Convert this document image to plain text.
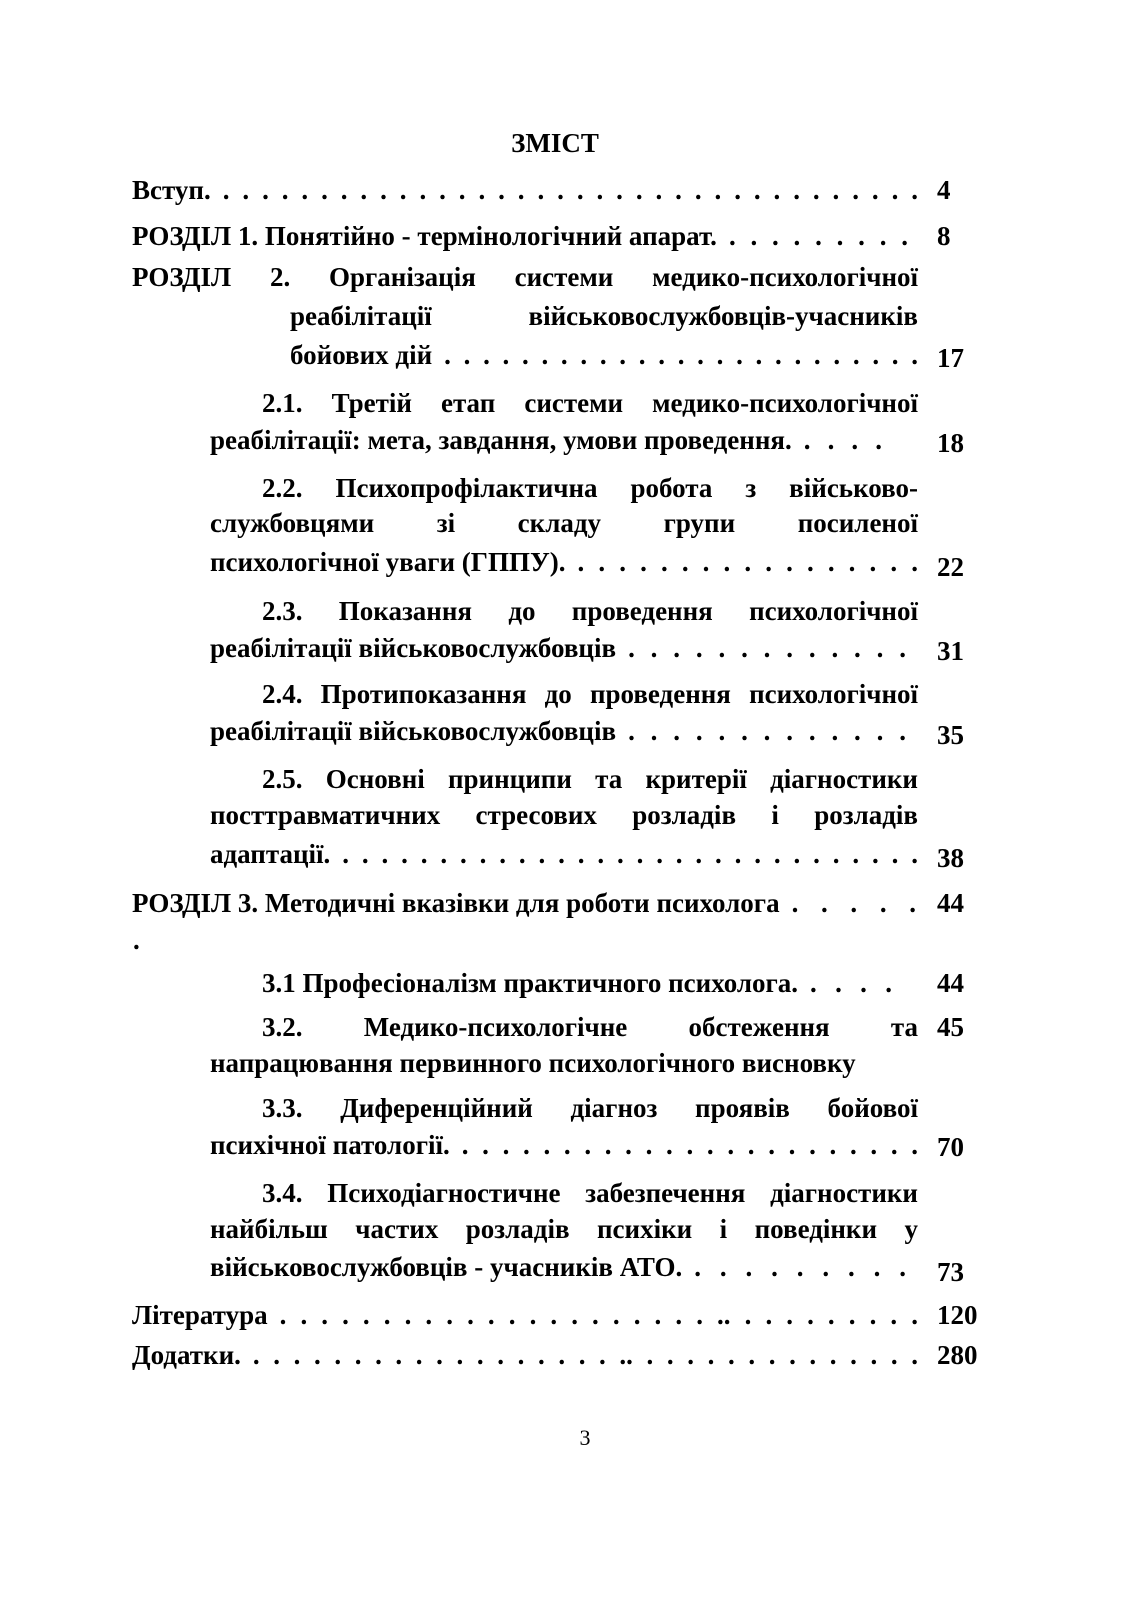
ЗМІСТ
Вступ. . . . . . . . . . . . . . . . . . . . . . . . . . . . . . . . . . . . . 4
РОЗДІЛ 1. Понятійно - термінологічний апарат. . . . . . . . . . 8
РОЗДІЛ 2. Організація системи медико-психологічної
реабілітації військовослужбовців-учасників
бойових дій . . . . . . . . . . . . . . . . . . . . . . . . . 17
2.1. Третій етап системи медико-психологічної
реабілітації: мета, завдання, умови проведення. . . . . 18
2.2. Психопрофілактична робота з військово-
службовцями зі складу групи посиленої
психологічної уваги (ГППУ). . . . . . . . . . . . . . . . . . 22
2.3. Показання до проведення психологічної
реабілітації військовослужбовців . . . . . . . . . . . . . 31
2.4. Протипоказання до проведення психологічної
реабілітації військовослужбовців . . . . . . . . . . . . . 35
2.5. Основні принципи та критерії діагностики
посттравматичних стресових розладів і розладів
адаптації. . . . . . . . . . . . . . . . . . . . . . . . . . . . . . . 38
РОЗДІЛ 3. Методичні вказівки для роботи психолога . . . . .
.
44
3.1 Професіоналізм практичного психолога. . . . . 44
3.2. Медико-психологічне обстеження та
напрацювання первинного психологічного висновку
45
3.3. Диференційний діагноз проявів бойової
психічної патології. . . . . . . . . . . . . . . . . . . . . . . . 70
3.4. Психодіагностичне забезпечення діагностики
найбільш частих розладів психіки і поведінки у
військовослужбовців - учасників АТО. . . . . . . . . . 73
Література . . . . . . . . . . . . . . . . . . . . . .. . . . . . . . . . 120
Додатки. . . . . . . . . . . . . . . . . . . .. . . . . . . . . . . . . . . 280
3
